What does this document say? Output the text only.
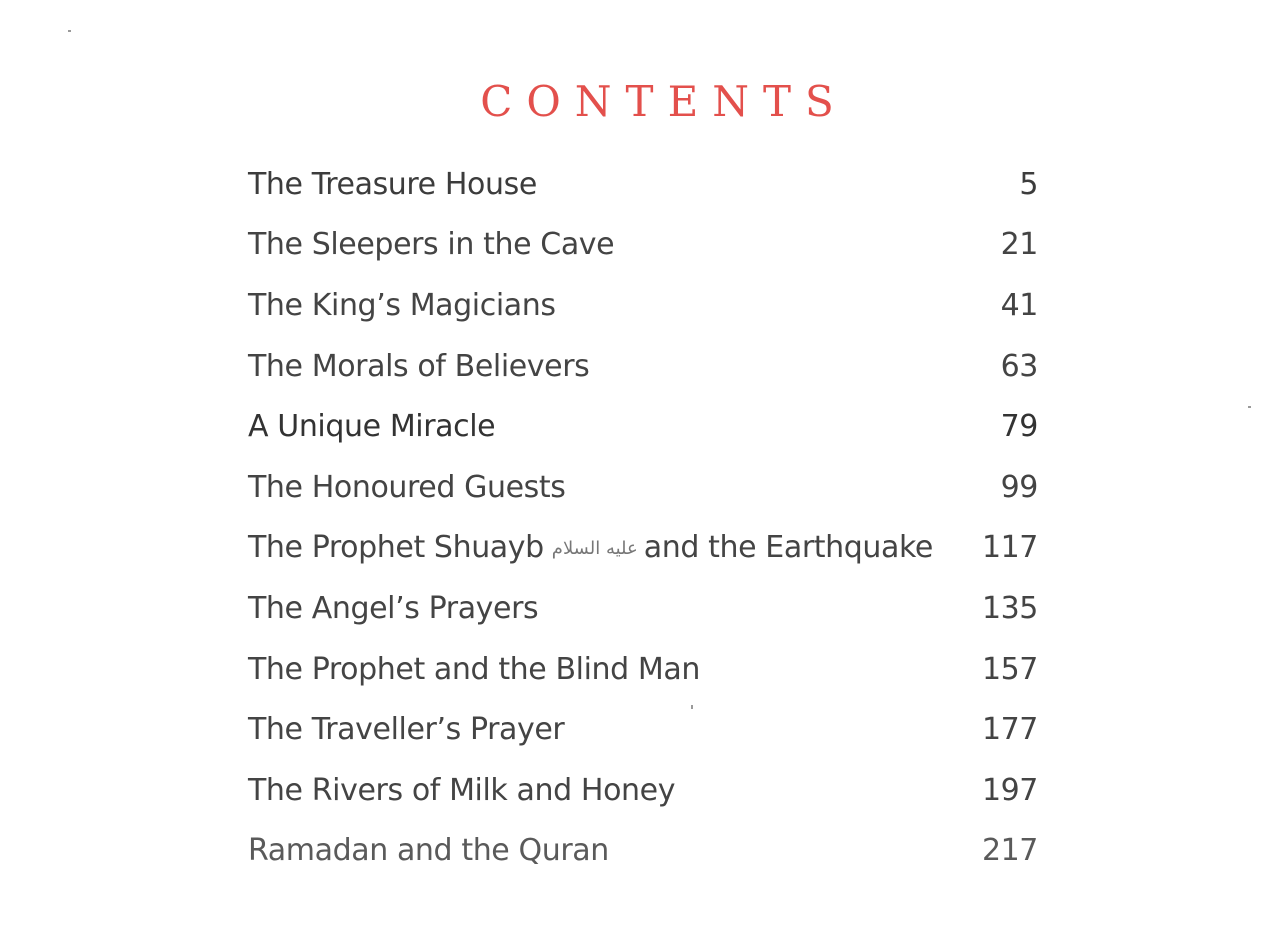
CONTENTS
The Treasure House	5
The Sleepers in the Cave	21
The King’s Magicians	41
The Morals of Believers	63
A Unique Miracle	79
The Honoured Guests	99
The Prophet Shuayb عليه السلام and the Earthquake 117
The Angel’s Prayers	135
The Prophet and the Blind Man	157
The Traveller’s Prayer	177
The Rivers of Milk and Honey	197
Ramadan and the Quran	217
